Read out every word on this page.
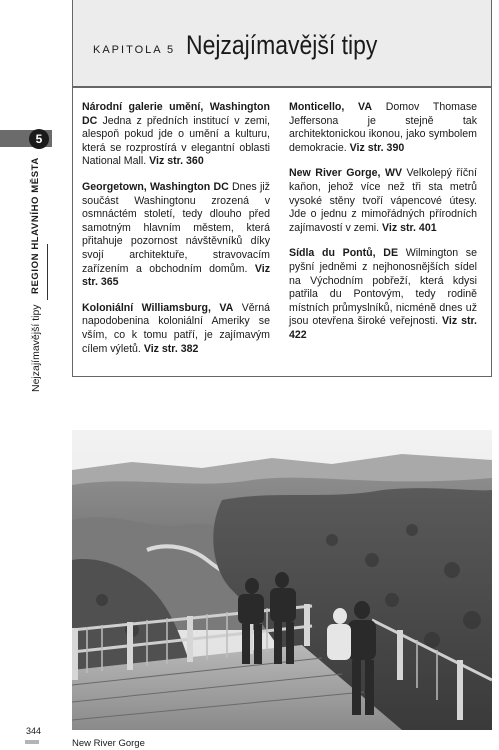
5
REGION HLAVNÍHO MĚSTA
Nejzajímavější tipy
KAPITOLA 5 Nejzajímavější tipy

Národní galerie umění, Washington DC Jedna z předních institucí v zemi, alespoň pokud jde o umění a kulturu, která se rozprostírá v elegantní oblasti National Mall. Viz str. 360

Georgetown, Washington DC Dnes již součást Washingtonu zrozená v osmnáctém století, tedy dlouho před samotným hlavním městem, která přitahuje pozornost návštěvníků díky svojí architektuře, stravovacím zařízením a obchodním domům. Viz str. 365

Koloniální Williamsburg, VA Věrná napodobenina koloniální Ameriky se vším, co k tomu patří, je zajímavým cílem výletů. Viz str. 382

Monticello, VA Domov Thomase Jeffersona je stejně tak architektonickou ikonou, jako symbolem demokracie. Viz str. 390

New River Gorge, WV Velkolepý říční kaňon, jehož více než tři sta metrů vysoké stěny tvoří vápencové útesy. Jde o jednu z mimořádných přírodních zajímavostí v zemi. Viz str. 401

Sídla du Pontů, DE Wilmington se pyšní jedněmi z nejhonosnějších sídel na Východním pobřeží, která kdysi patřila du Pontovým, tedy rodině místních průmyslníků, nicméně dnes už jsou otevřena široké veřejnosti. Viz str. 422

344
New River Gorge
